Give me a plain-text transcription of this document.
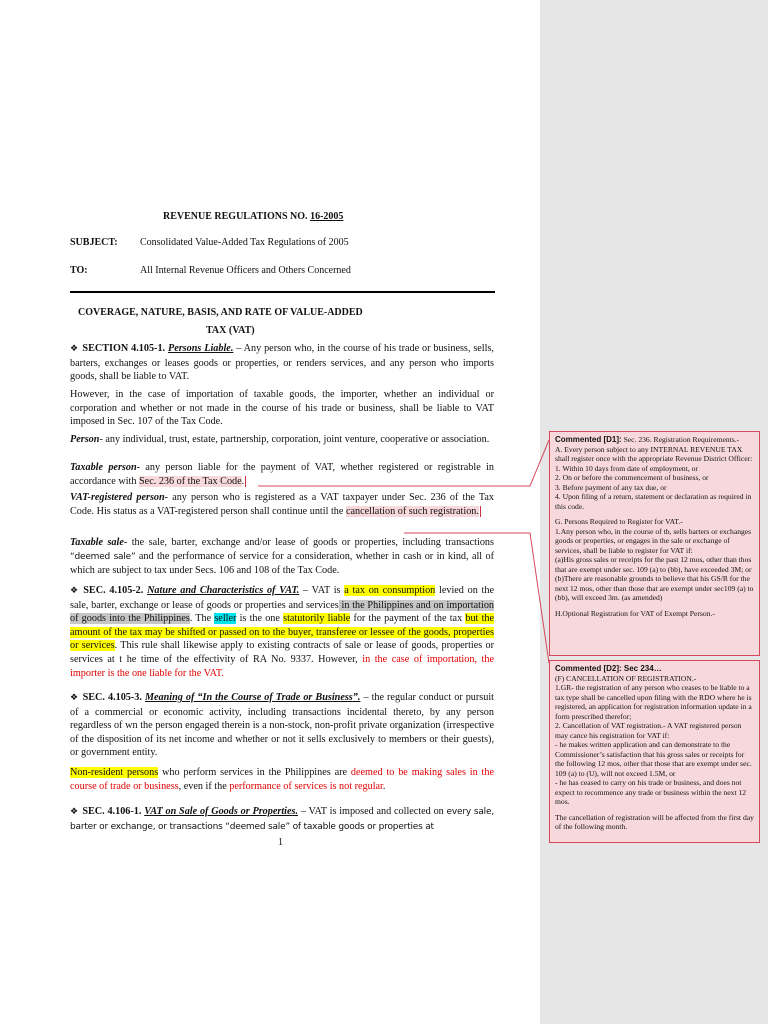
REVENUE REGULATIONS NO. 16-2005
SUBJECT: Consolidated Value-Added Tax Regulations of 2005
TO:	All Internal Revenue Officers and Others Concerned
COVERAGE, NATURE, BASIS, AND RATE OF VALUE-ADDED
TAX (VAT)
❖ SECTION 4.105-1. Persons Liable. – Any person who, in the course of his trade or business, sells, barters, exchanges or leases goods or properties, or renders services, and any person who imports goods, shall be liable to VAT.
However, in the case of importation of taxable goods, the importer, whether an individual or corporation and whether or not made in the course of his trade or business, shall be liable to VAT imposed in Sec. 107 of the Tax Code.
Person- any individual, trust, estate, partnership, corporation, joint venture, cooperative or association.
Taxable person- any person liable for the payment of VAT, whether registered or registrable in accordance with Sec. 236 of the Tax Code.
VAT-registered person- any person who is registered as a VAT taxpayer under Sec. 236 of the Tax Code. His status as a VAT-registered person shall continue until the cancellation of such registration.
Taxable sale- the sale, barter, exchange and/or lease of goods or properties, including transactions “deemed sale” and the performance of service for a consideration, whether in cash or in kind, all of which are subject to tax under Secs. 106 and 108 of the Tax Code.
❖ SEC. 4.105-2. Nature and Characteristics of VAT. – VAT is a tax on consumption levied on the sale, barter, exchange or lease of goods or properties and services in the Philippines and on importation of goods into the Philippines. The seller is the one statutorily liable for the payment of the tax but the amount of the tax may be shifted or passed on to the buyer, transferee or lessee of the goods, properties or services. This rule shall likewise apply to existing contracts of sale or lease of goods, properties or services at t he time of the effectivity of RA No. 9337. However, in the case of importation, the importer is the one liable for the VAT.
❖ SEC. 4.105-3. Meaning of “In the Course of Trade or Business”. – the regular conduct or pursuit of a commercial or economic activity, including transactions incidental thereto, by any person regardless of wn the person engaged therein is a non-stock, non-profit private organization (irrespective of the disposition of its net income and whether or not it sells exclusively to members or their guests), or government entity.
Non-resident persons who perform services in the Philippines are deemed to be making sales in the course of trade or business, even if the performance of services is not regular.
❖ SEC. 4.106-1. VAT on Sale of Goods or Properties. – VAT is imposed and collected on every sale, barter or exchange, or transactions “deemed sale” of taxable goods or properties at
1
Commented [D1]: Sec. 236. Registration Requirements.-
A. Every person subject to any INTERNAL REVENUE TAX shall register once with the appropriate Revenue District Officer:
1. Within 10 days from date of employment, or
2. On or before the commencement of business, or
3. Before payment of any tax due, or
4. Upon filing of a return, statement or declaration as required in this code.
G. Persons Required to Register for VAT.-
1.Any person who, in the course of tb, sells barters or exchanges goods or properties, or engages in the sale or exchange of services, shall be liable to register for VAT if:
(a)His gross sales or receipts for the past 12 mos, other than thos that are exempt under sec. 109 (a) to (bb), have exceeded 3M; or
(b)There are reasonable grounds to believe that his GS/R for the next 12 mos, other than those that are exempt under sec109 (a) to (bb), will exceed 3m. (as amended)
H.Optional Registration for VAT of Exempt Person.-
Commented [D2]: Sec 234…
(F) CANCELLATION OF REGISTRATION.-
1.GR- the registration of any person who ceases to be liable to a tax type shall be cancelled upon filing with the RDO where he is registered, an application for registration information update in a form prescribed therefor;
2. Cancellation of VAT registration.- A VAT registered person may cance his registration for VAT if:
- he makes written application and can demonstrate to the Commissioner’s satisfaction that his gross sales or receipts for the following 12 mos, other that those that are exempt under sec. 109 (a) to (U), will not exceed 1.5M, or
- he has ceased to carry on his trade or business, and does not expect to recommence any trade or business within the next 12 mos.
The cancellation of registration will be affected from the first day of the following month.
